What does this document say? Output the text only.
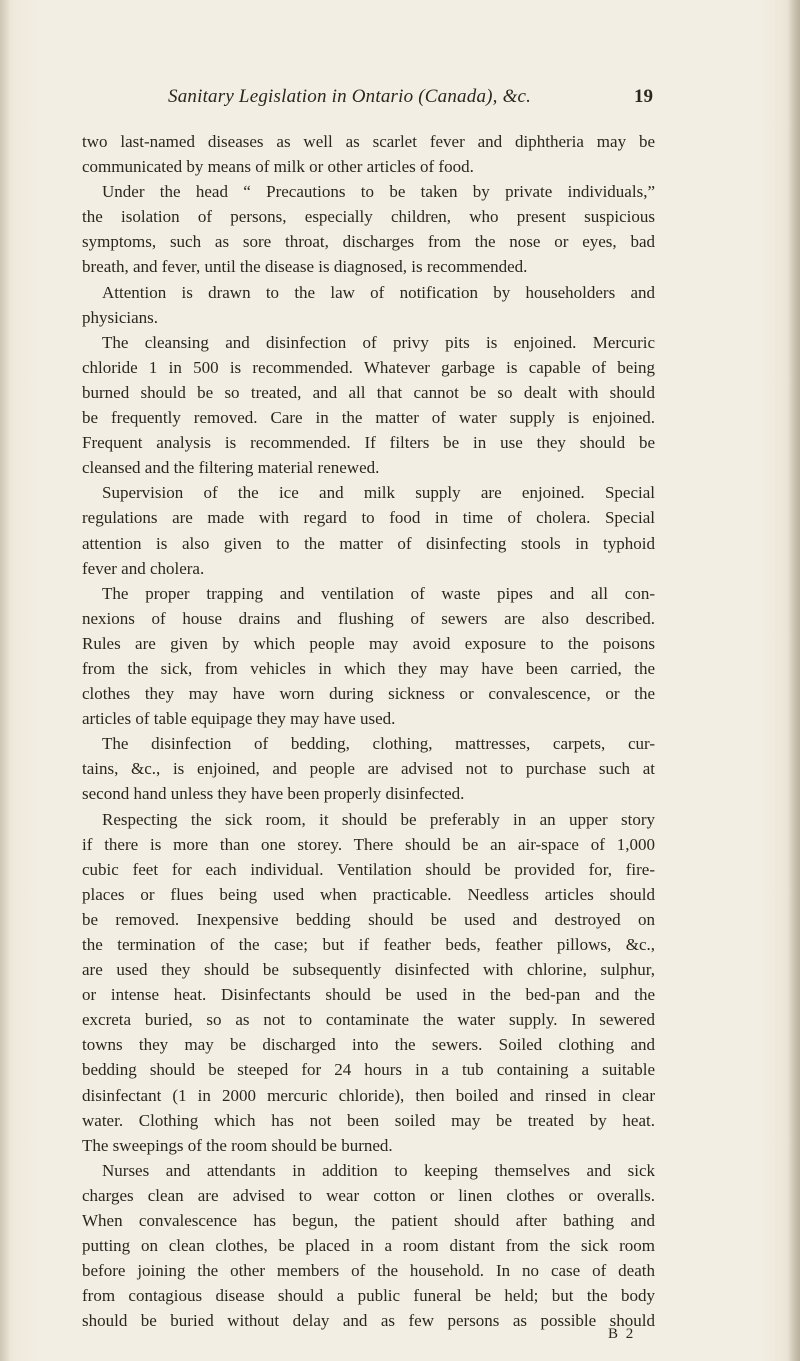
Sanitary Legislation in Ontario (Canada), &c.	19
two last-named diseases as well as scarlet fever and diphtheria may be
communicated by means of milk or other articles of food.
Under the head “ Precautions to be taken by private individuals,”
the isolation of persons, especially children, who present suspicious
symptoms, such as sore throat, discharges from the nose or eyes, bad
breath, and fever, until the disease is diagnosed, is recommended.
Attention is drawn to the law of notification by householders and
physicians.
The cleansing and disinfection of privy pits is enjoined. Mercuric
chloride 1 in 500 is recommended. Whatever garbage is capable of being
burned should be so treated, and all that cannot be so dealt with should
be frequently removed. Care in the matter of water supply is enjoined.
Frequent analysis is recommended. If filters be in use they should be
cleansed and the filtering material renewed.
Supervision of the ice and milk supply are enjoined. Special
regulations are made with regard to food in time of cholera. Special
attention is also given to the matter of disinfecting stools in typhoid
fever and cholera.
The proper trapping and ventilation of waste pipes and all con-
nexions of house drains and flushing of sewers are also described.
Rules are given by which people may avoid exposure to the poisons
from the sick, from vehicles in which they may have been carried, the
clothes they may have worn during sickness or convalescence, or the
articles of table equipage they may have used.
The disinfection of bedding, clothing, mattresses, carpets, cur-
tains, &c., is enjoined, and people are advised not to purchase such at
second hand unless they have been properly disinfected.
Respecting the sick room, it should be preferably in an upper story
if there is more than one storey. There should be an air-space of 1,000
cubic feet for each individual. Ventilation should be provided for, fire-
places or flues being used when practicable. Needless articles should
be removed. Inexpensive bedding should be used and destroyed on
the termination of the case; but if feather beds, feather pillows, &c.,
are used they should be subsequently disinfected with chlorine, sulphur,
or intense heat. Disinfectants should be used in the bed-pan and the
excreta buried, so as not to contaminate the water supply. In sewered
towns they may be discharged into the sewers. Soiled clothing and
bedding should be steeped for 24 hours in a tub containing a suitable
disinfectant (1 in 2000 mercuric chloride), then boiled and rinsed in clear
water. Clothing which has not been soiled may be treated by heat.
The sweepings of the room should be burned.
Nurses and attendants in addition to keeping themselves and sick
charges clean are advised to wear cotton or linen clothes or overalls.
When convalescence has begun, the patient should after bathing and
putting on clean clothes, be placed in a room distant from the sick room
before joining the other members of the household. In no case of death
from contagious disease should a public funeral be held; but the body
should be buried without delay and as few persons as possible should
B 2
